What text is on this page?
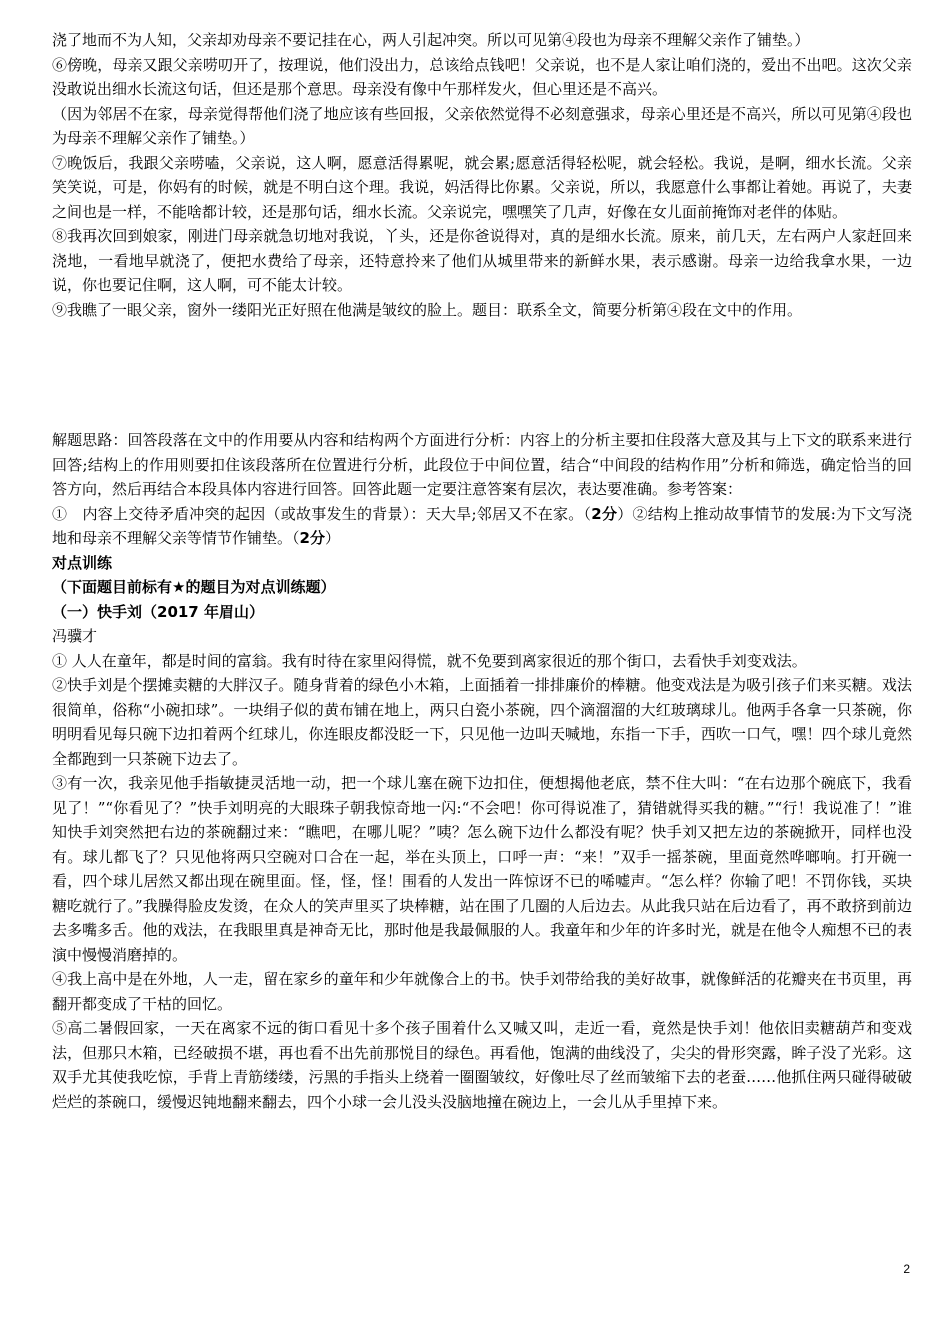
浇了地而不为人知，父亲却劝母亲不要记挂在心，两人引起冲突。所以可见第④段也为母亲不理解父亲作了铺垫。）

⑥傍晚，母亲又跟父亲唠叨开了，按理说，他们没出力，总该给点钱吧！父亲说，也不是人家让咱们浇的，爱出不出吧。这次父亲没敢说出细水长流这句话，但还是那个意思。母亲没有像中午那样发火，但心里还是不高兴。

（因为邻居不在家，母亲觉得帮他们浇了地应该有些回报，父亲依然觉得不必刻意强求，母亲心里还是不高兴，所以可见第④段也为母亲不理解父亲作了铺垫。）

⑦晚饭后，我跟父亲唠嗑，父亲说，这人啊，愿意活得累呢，就会累;愿意活得轻松呢，就会轻松。我说，是啊，细水长流。父亲笑笑说，可是，你妈有的时候，就是不明白这个理。我说，妈活得比你累。父亲说，所以，我愿意什么事都让着她。再说了，夫妻之间也是一样，不能啥都计较，还是那句话，细水长流。父亲说完，嘿嘿笑了几声，好像在女儿面前掩饰对老伴的体贴。

⑧我再次回到娘家，刚进门母亲就急切地对我说，丫头，还是你爸说得对，真的是细水长流。原来，前几天，左右两户人家赶回来浇地，一看地早就浇了，便把水费给了母亲，还特意拎来了他们从城里带来的新鲜水果，表示感谢。母亲一边给我拿水果，一边说，你也要记住啊，这人啊，可不能太计较。

⑨我瞧了一眼父亲，窗外一缕阳光正好照在他满是皱纹的脸上。题目：联系全文，简要分析第④段在文中的作用。

解题思路：回答段落在文中的作用要从内容和结构两个方面进行分析：内容上的分析主要扣住段落大意及其与上下文的联系来进行回答;结构上的作用则要扣住该段落所在位置进行分析，此段位于中间位置，结合“中间段的结构作用”分析和筛选，确定恰当的回答方向，然后再结合本段具体内容进行回答。回答此题一定要注意答案有层次，表达要准确。参考答案：

①　内容上交待矛盾冲突的起因（或故事发生的背景）：天大旱;邻居又不在家。（2分）②结构上推动故事情节的发展:为下文写浇地和母亲不理解父亲等情节作铺垫。（2分）

对点训练

（下面题目前标有★的题目为对点训练题）

（一）快手刘（2017 年眉山）

冯骥才

① 人人在童年，都是时间的富翁。我有时待在家里闷得慌，就不免要到离家很近的那个街口，去看快手刘变戏法。

②快手刘是个摆摊卖糖的大胖汉子。随身背着的绿色小木箱，上面插着一排排廉价的棒糖。他变戏法是为吸引孩子们来买糖。戏法很简单，俗称“小碗扣球”。一块绢子似的黄布铺在地上，两只白瓷小茶碗，四个滴溜溜的大红玻璃球儿。他两手各拿一只茶碗，你明明看见每只碗下边扣着两个红球儿，你连眼皮都没眨一下，只见他一边叫天喊地，东指一下手，西吹一口气，嘿！四个球儿竟然全都跑到一只茶碗下边去了。

③有一次，我亲见他手指敏捷灵活地一动，把一个球儿塞在碗下边扣住，便想揭他老底，禁不住大叫：“在右边那个碗底下，我看见了！”“你看见了？”快手刘明亮的大眼珠子朝我惊奇地一闪:“不会吧！你可得说准了，猜错就得买我的糖。”“行！我说准了！”谁知快手刘突然把右边的茶碗翻过来：“瞧吧，在哪儿呢？”咦？怎么碗下边什么都没有呢？快手刘又把左边的茶碗掀开，同样也没有。球儿都飞了？只见他将两只空碗对口合在一起，举在头顶上，口呼一声：“来！”双手一摇茶碗，里面竟然哗啷响。打开碗一看，四个球儿居然又都出现在碗里面。怪，怪，怪！围看的人发出一阵惊讶不已的唏嘘声。“怎么样？你输了吧！不罚你钱，买块糖吃就行了。”我臊得脸皮发烫，在众人的笑声里买了块棒糖，站在围了几圈的人后边去。从此我只站在后边看了，再不敢挤到前边去多嘴多舌。他的戏法，在我眼里真是神奇无比，那时他是我最佩服的人。我童年和少年的许多时光，就是在他令人痴想不已的表演中慢慢消磨掉的。

④我上高中是在外地，人一走，留在家乡的童年和少年就像合上的书。快手刘带给我的美好故事，就像鲜活的花瓣夹在书页里，再翻开都变成了干枯的回忆。

⑤高二暑假回家，一天在离家不远的街口看见十多个孩子围着什么又喊又叫，走近一看，竟然是快手刘！他依旧卖糖葫芦和变戏法，但那只木箱，已经破损不堪，再也看不出先前那悦目的绿色。再看他，饱满的曲线没了，尖尖的骨形突露，眸子没了光彩。这双手尤其使我吃惊，手背上青筋缕缕，污黑的手指头上绕着一圈圈皱纹，好像吐尽了丝而皱缩下去的老蚕……他抓住两只碰得破破烂烂的茶碗口，缓慢迟钝地翻来翻去，四个小球一会儿没头没脑地撞在碗边上，一会儿从手里掉下来。

2
